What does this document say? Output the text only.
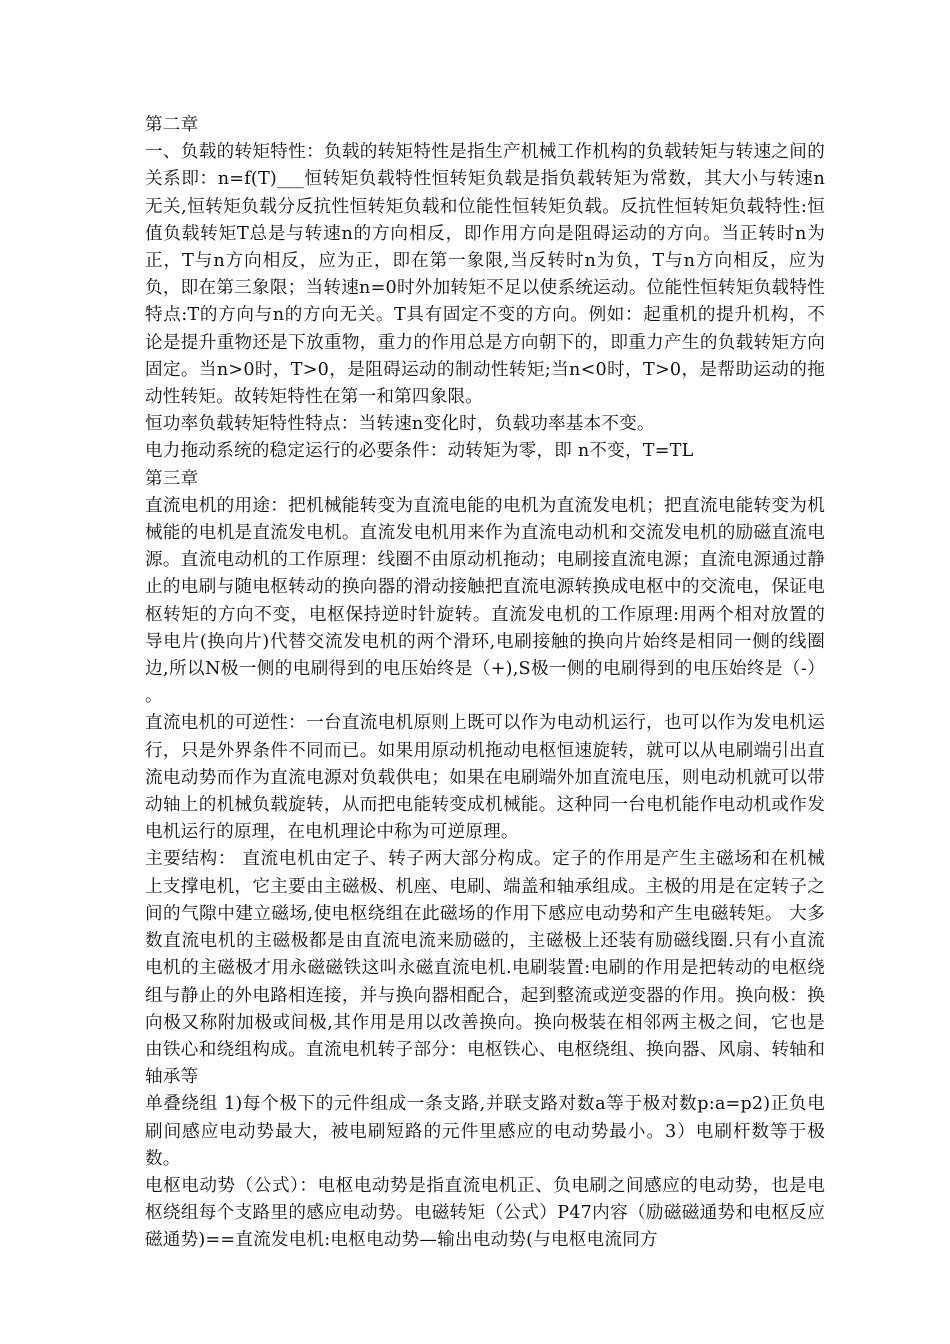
第二章

一、负载的转矩特性：负载的转矩特性是指生产机械工作机构的负载转矩与转速之间的关系即：n=f(T)___恒转矩负载特性恒转矩负载是指负载转矩为常数，其大小与转速n无关,恒转矩负载分反抗性恒转矩负载和位能性恒转矩负载。反抗性恒转矩负载特性:恒值负载转矩T总是与转速n的方向相反，即作用方向是阻碍运动的方向。当正转时n为正，T与n方向相反，应为正，即在第一象限,当反转时n为负，T与n方向相反，应为负，即在第三象限；当转速n=0时外加转矩不足以使系统运动。位能性恒转矩负载特性 特点:T的方向与n的方向无关。T具有固定不变的方向。例如：起重机的提升机构，不论是提升重物还是下放重物，重力的作用总是方向朝下的，即重力产生的负载转矩方向固定。当n>0时，T>0，是阻碍运动的制动性转矩;当n<0时，T>0，是帮助运动的拖动性转矩。故转矩特性在第一和第四象限。

恒功率负载转矩特性特点：当转速n变化时，负载功率基本不变。

电力拖动系统的稳定运行的必要条件：动转矩为零，即 n不变，T=TL

第三章

直流电机的用途：把机械能转变为直流电能的电机为直流发电机；把直流电能转变为机械能的电机是直流发电机。直流发电机用来作为直流电动机和交流发电机的励磁直流电源。直流电动机的工作原理：线圈不由原动机拖动；电刷接直流电源；直流电源通过静止的电刷与随电枢转动的换向器的滑动接触把直流电源转换成电枢中的交流电，保证电枢转矩的方向不变，电枢保持逆时针旋转。直流发电机的工作原理:用两个相对放置的导电片(换向片)代替交流发电机的两个滑环,电刷接触的换向片始终是相同一侧的线圈边,所以N极一侧的电刷得到的电压始终是（+),S极一侧的电刷得到的电压始终是（-） 。

直流电机的可逆性：一台直流电机原则上既可以作为电动机运行，也可以作为发电机运行，只是外界条件不同而已。如果用原动机拖动电枢恒速旋转，就可以从电刷端引出直流电动势而作为直流电源对负载供电；如果在电刷端外加直流电压，则电动机就可以带动轴上的机械负载旋转，从而把电能转变成机械能。这种同一台电机能作电动机或作发电机运行的原理，在电机理论中称为可逆原理。

主要结构： 直流电机由定子、转子两大部分构成。定子的作用是产生主磁场和在机械上支撑电机，它主要由主磁极、机座、电刷、端盖和轴承组成。主极的用是在定转子之间的气隙中建立磁场,使电枢绕组在此磁场的作用下感应电动势和产生电磁转矩。 大多数直流电机的主磁极都是由直流电流来励磁的，主磁极上还装有励磁线圈.只有小直流电机的主磁极才用永磁磁铁这叫永磁直流电机.电刷装置:电刷的作用是把转动的电枢绕组与静止的外电路相连接，并与换向器相配合，起到整流或逆变器的作用。换向极：换向极又称附加极或间极,其作用是用以改善换向。换向极装在相邻两主极之间，它也是由铁心和绕组构成。直流电机转子部分：电枢铁心、电枢绕组、换向器、风扇、转轴和轴承等

单叠绕组 1)每个极下的元件组成一条支路,并联支路对数a等于极对数p:a=p2)正负电刷间感应电动势最大，被电刷短路的元件里感应的电动势最小。3）电刷杆数等于极数。

电枢电动势（公式）：电枢电动势是指直流电机正、负电刷之间感应的电动势，也是电枢绕组每个支路里的感应电动势。电磁转矩（公式）P47内容（励磁磁通势和电枢反应磁通势)==直流发电机:电枢电动势—输出电动势(与电枢电流同方
